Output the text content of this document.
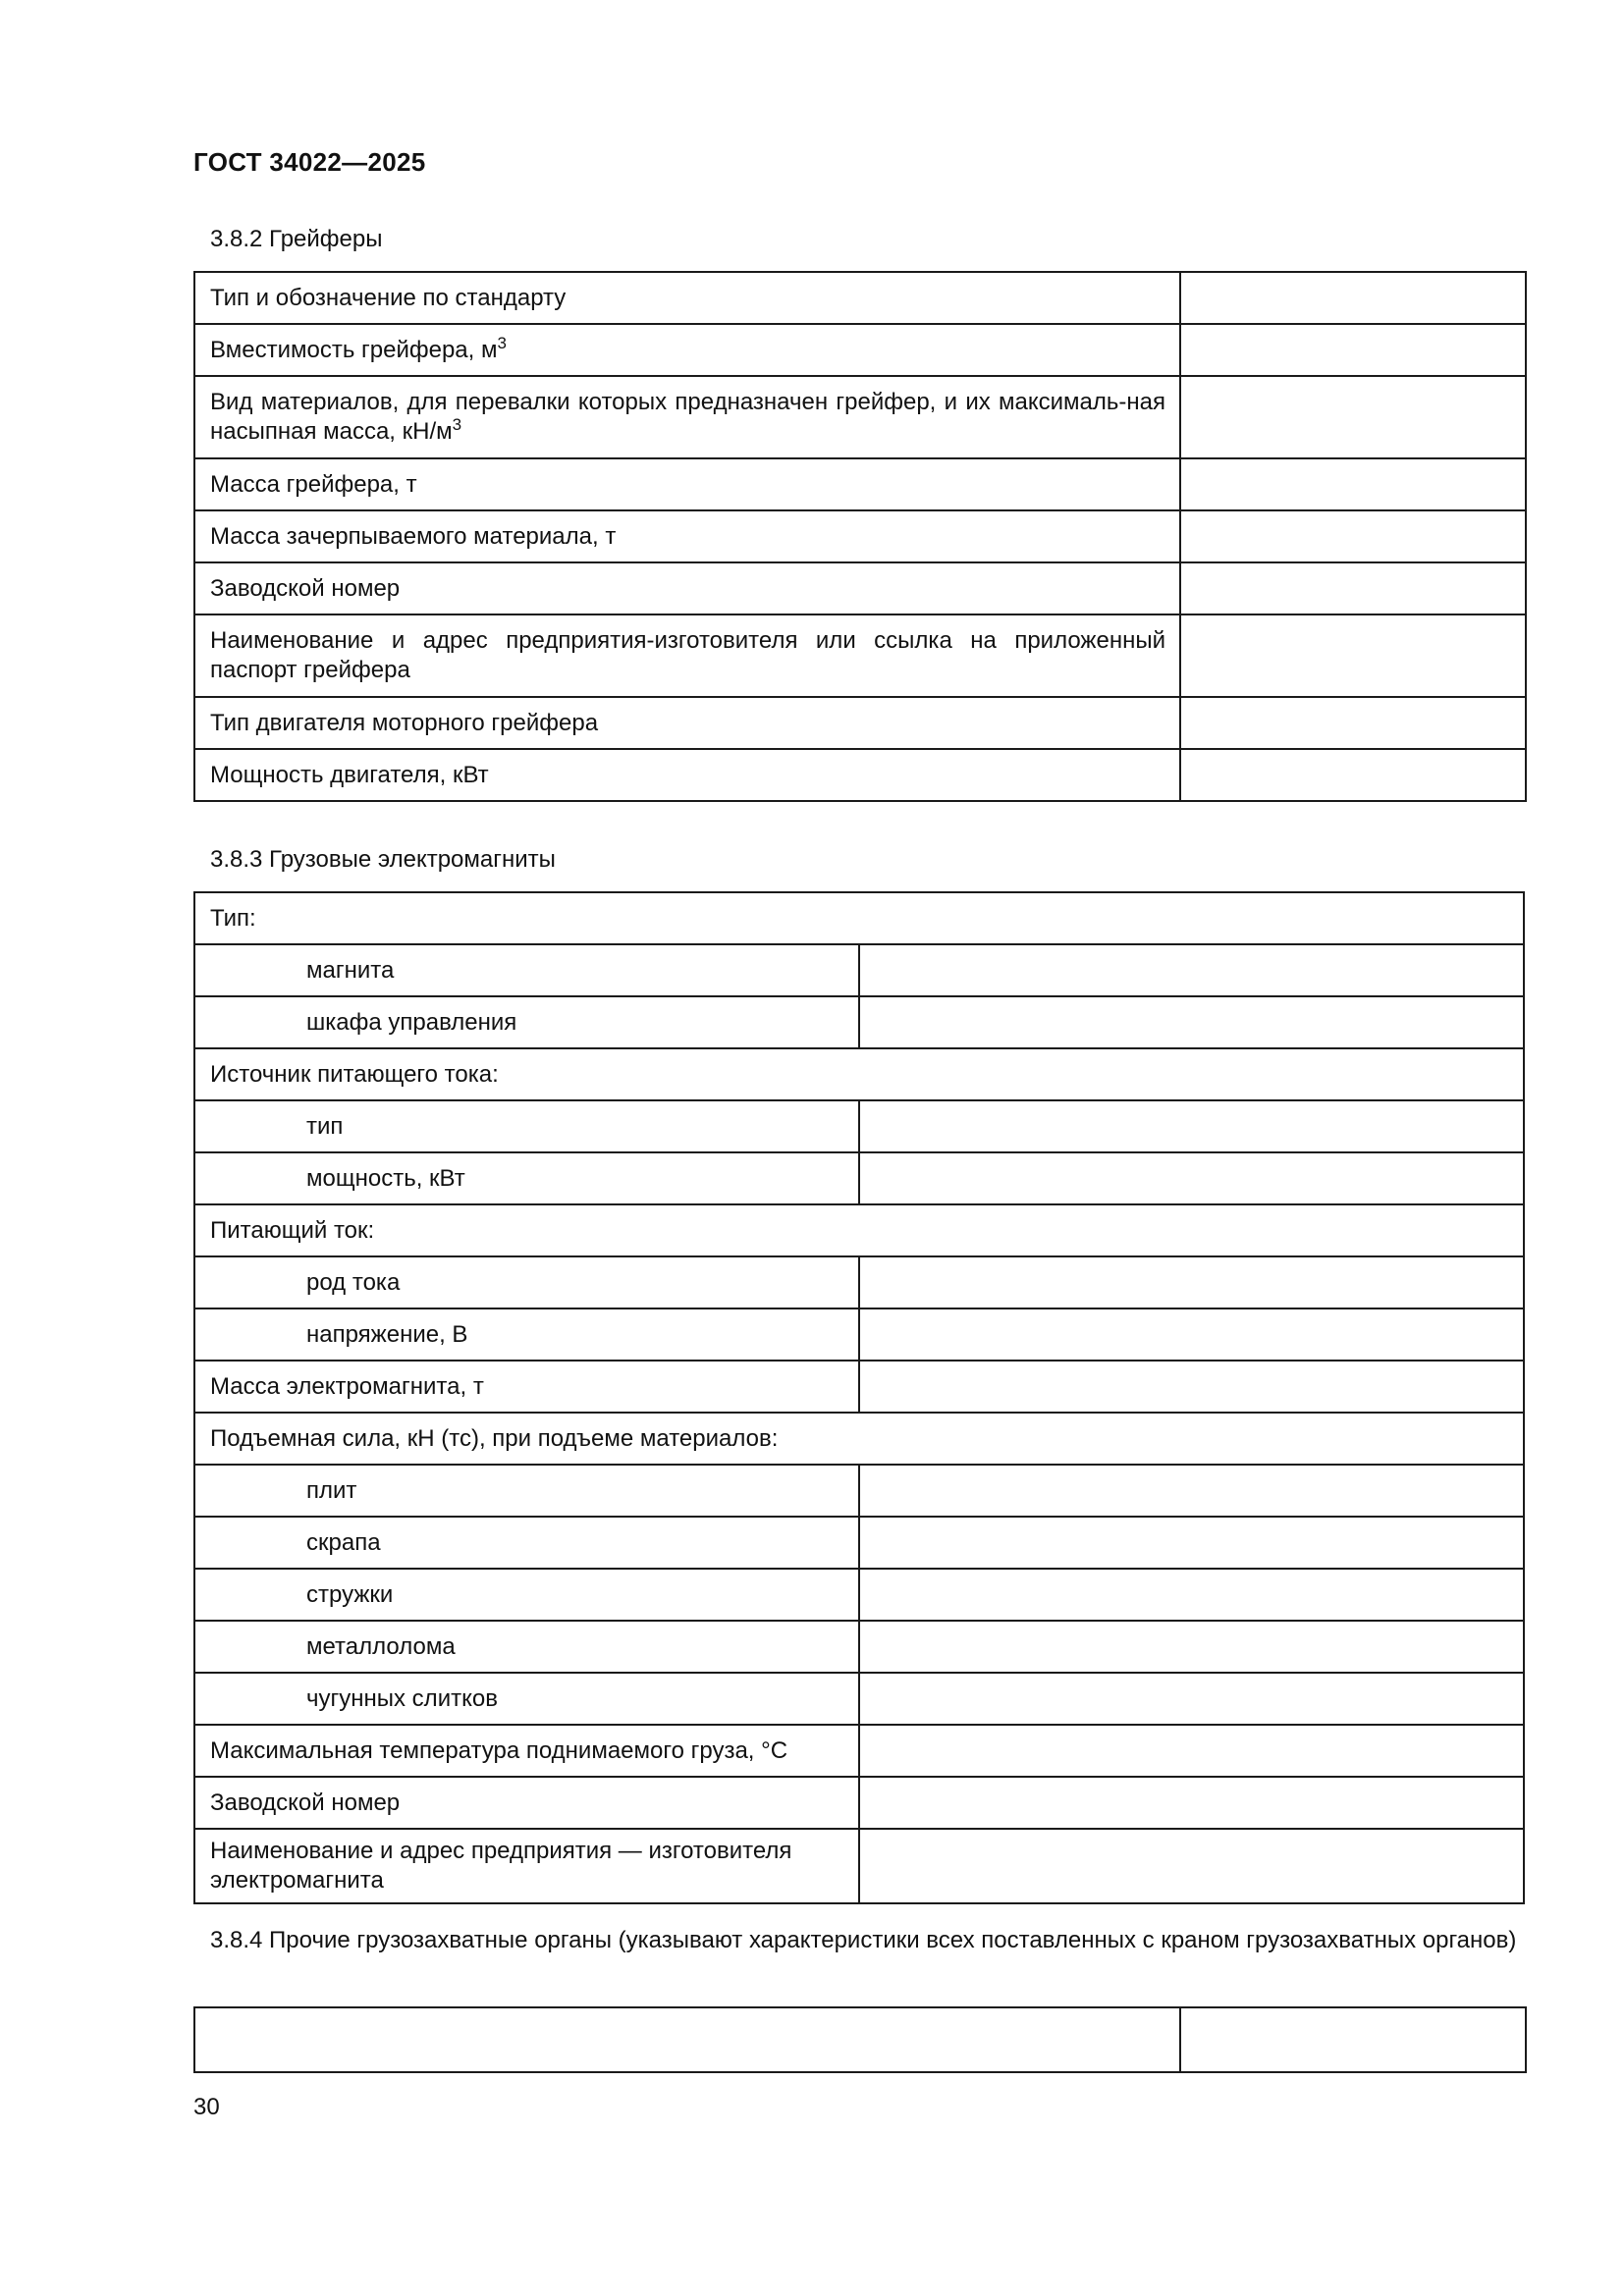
ГОСТ 34022—2025

3.8.2 Грейферы

Тип и обозначение по стандарту	
Вместимость грейфера, $м^3$	
Вид материалов, для перевалки которых предназначен грейфер, и их максималь-ная насыпная масса, $кН/м^3$	
Масса грейфера, т	
Масса зачерпываемого материала, т	
Заводской номер	
Наименование и адрес предприятия-изготовителя или ссылка на приложенный паспорт грейфера	
Тип двигателя моторного грейфера	
Мощность двигателя, кВт	

3.8.3 Грузовые электромагниты

Тип:	
магнита	
шкафа управления	
Источник питающего тока:	
тип	
мощность, кВт	
Питающий ток:	
род тока	
напряжение, В	
Масса электромагнита, т	
Подъемная сила, кН (тс), при подъеме материалов:	
плит	
скрапа	
стружки	
металлолома	
чугунных слитков	
Максимальная температура поднимаемого груза, °С	
Заводской номер	
Наименование и адрес предприятия — изготовителя электромагнита	

3.8.4 Прочие грузозахватные органы (указывают характеристики всех поставленных с краном грузозахватных органов)

30
